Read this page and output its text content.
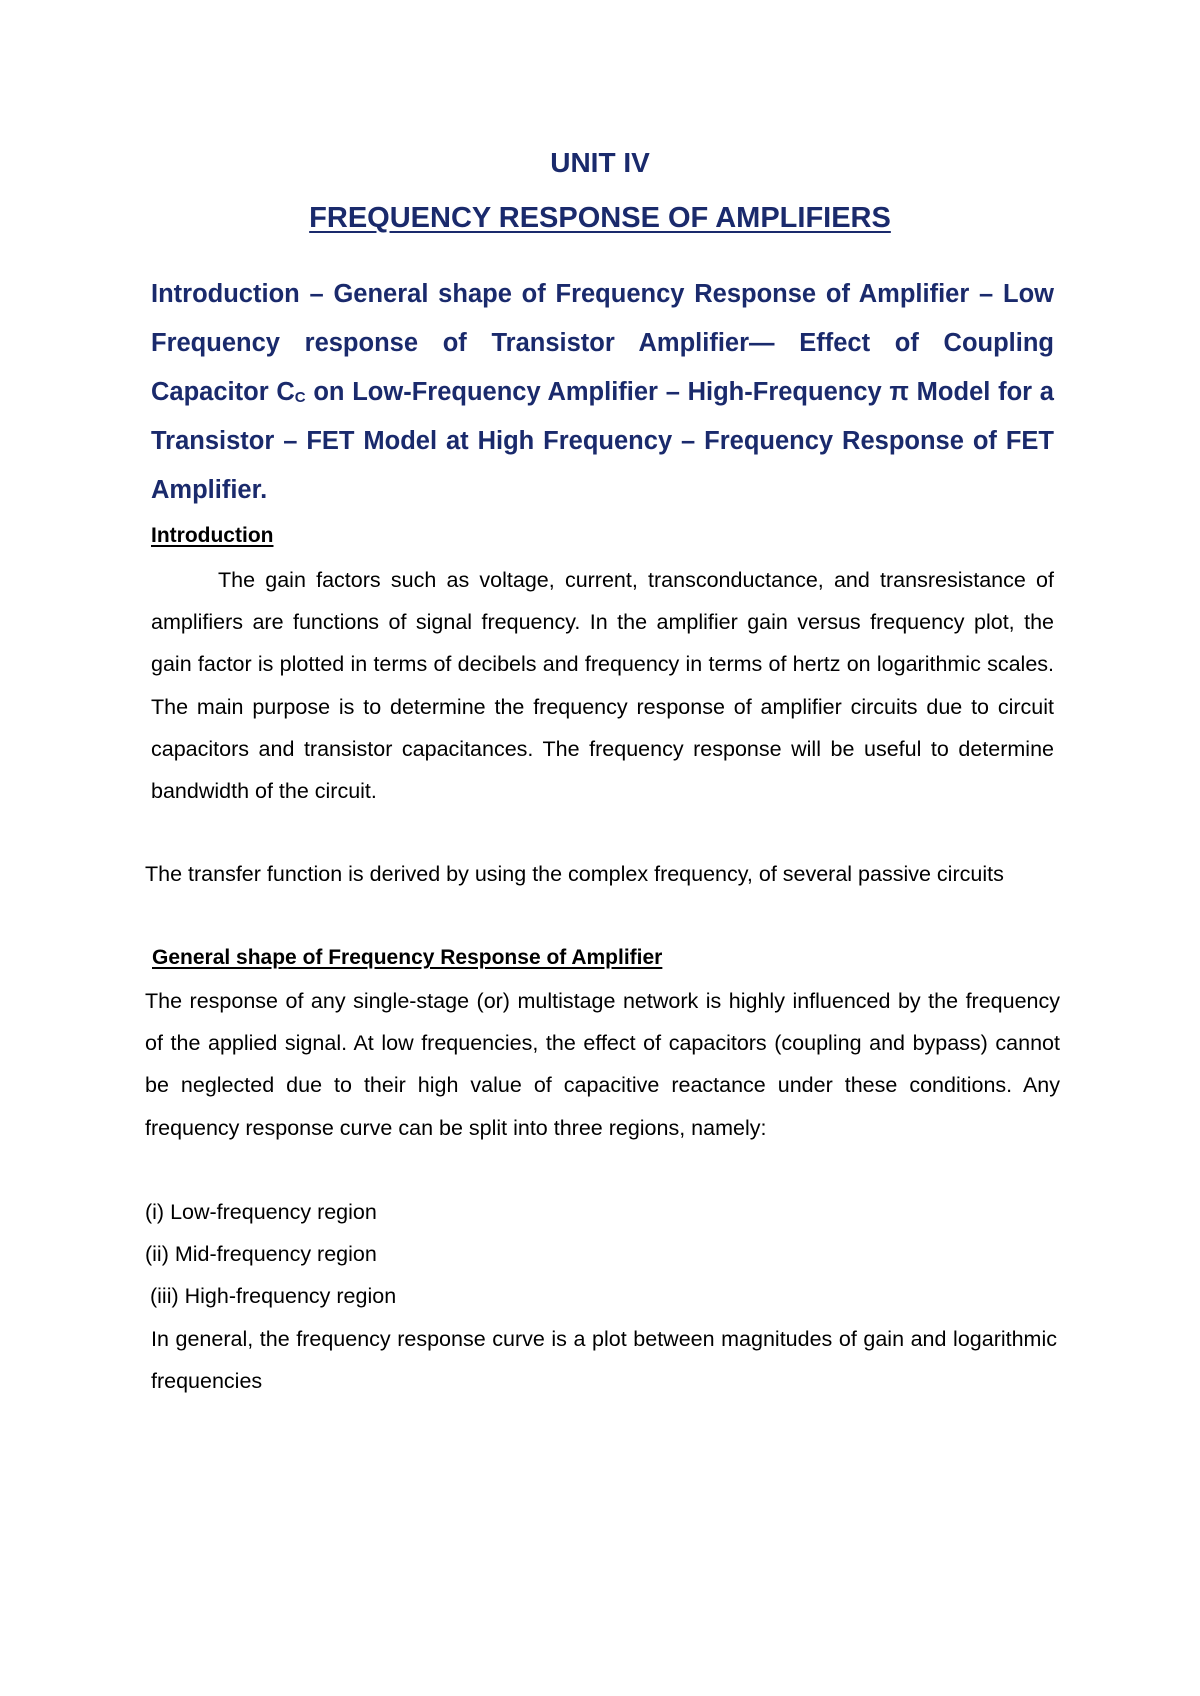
UNIT IV
FREQUENCY RESPONSE OF AMPLIFIERS

Introduction – General shape of Frequency Response of Amplifier – Low Frequency response of Transistor Amplifier— Effect of Coupling Capacitor $C_C$ on Low-Frequency Amplifier – High-Frequency π Model for a Transistor – FET Model at High Frequency – Frequency Response of FET Amplifier.

Introduction

The gain factors such as voltage, current, transconductance, and transresistance of amplifiers are functions of signal frequency. In the amplifier gain versus frequency plot, the gain factor is plotted in terms of decibels and frequency in terms of hertz on logarithmic scales. The main purpose is to determine the frequency response of amplifier circuits due to circuit capacitors and transistor capacitances. The frequency response will be useful to determine bandwidth of the circuit.

The transfer function is derived by using the complex frequency, of several passive circuits

General shape of Frequency Response of Amplifier

The response of any single-stage (or) multistage network is highly influenced by the frequency of the applied signal. At low frequencies, the effect of capacitors (coupling and bypass) cannot be neglected due to their high value of capacitive reactance under these conditions. Any frequency response curve can be split into three regions, namely:

(i) Low-frequency region
(ii) Mid-frequency region
(iii) High-frequency region

In general, the frequency response curve is a plot between magnitudes of gain and logarithmic frequencies
